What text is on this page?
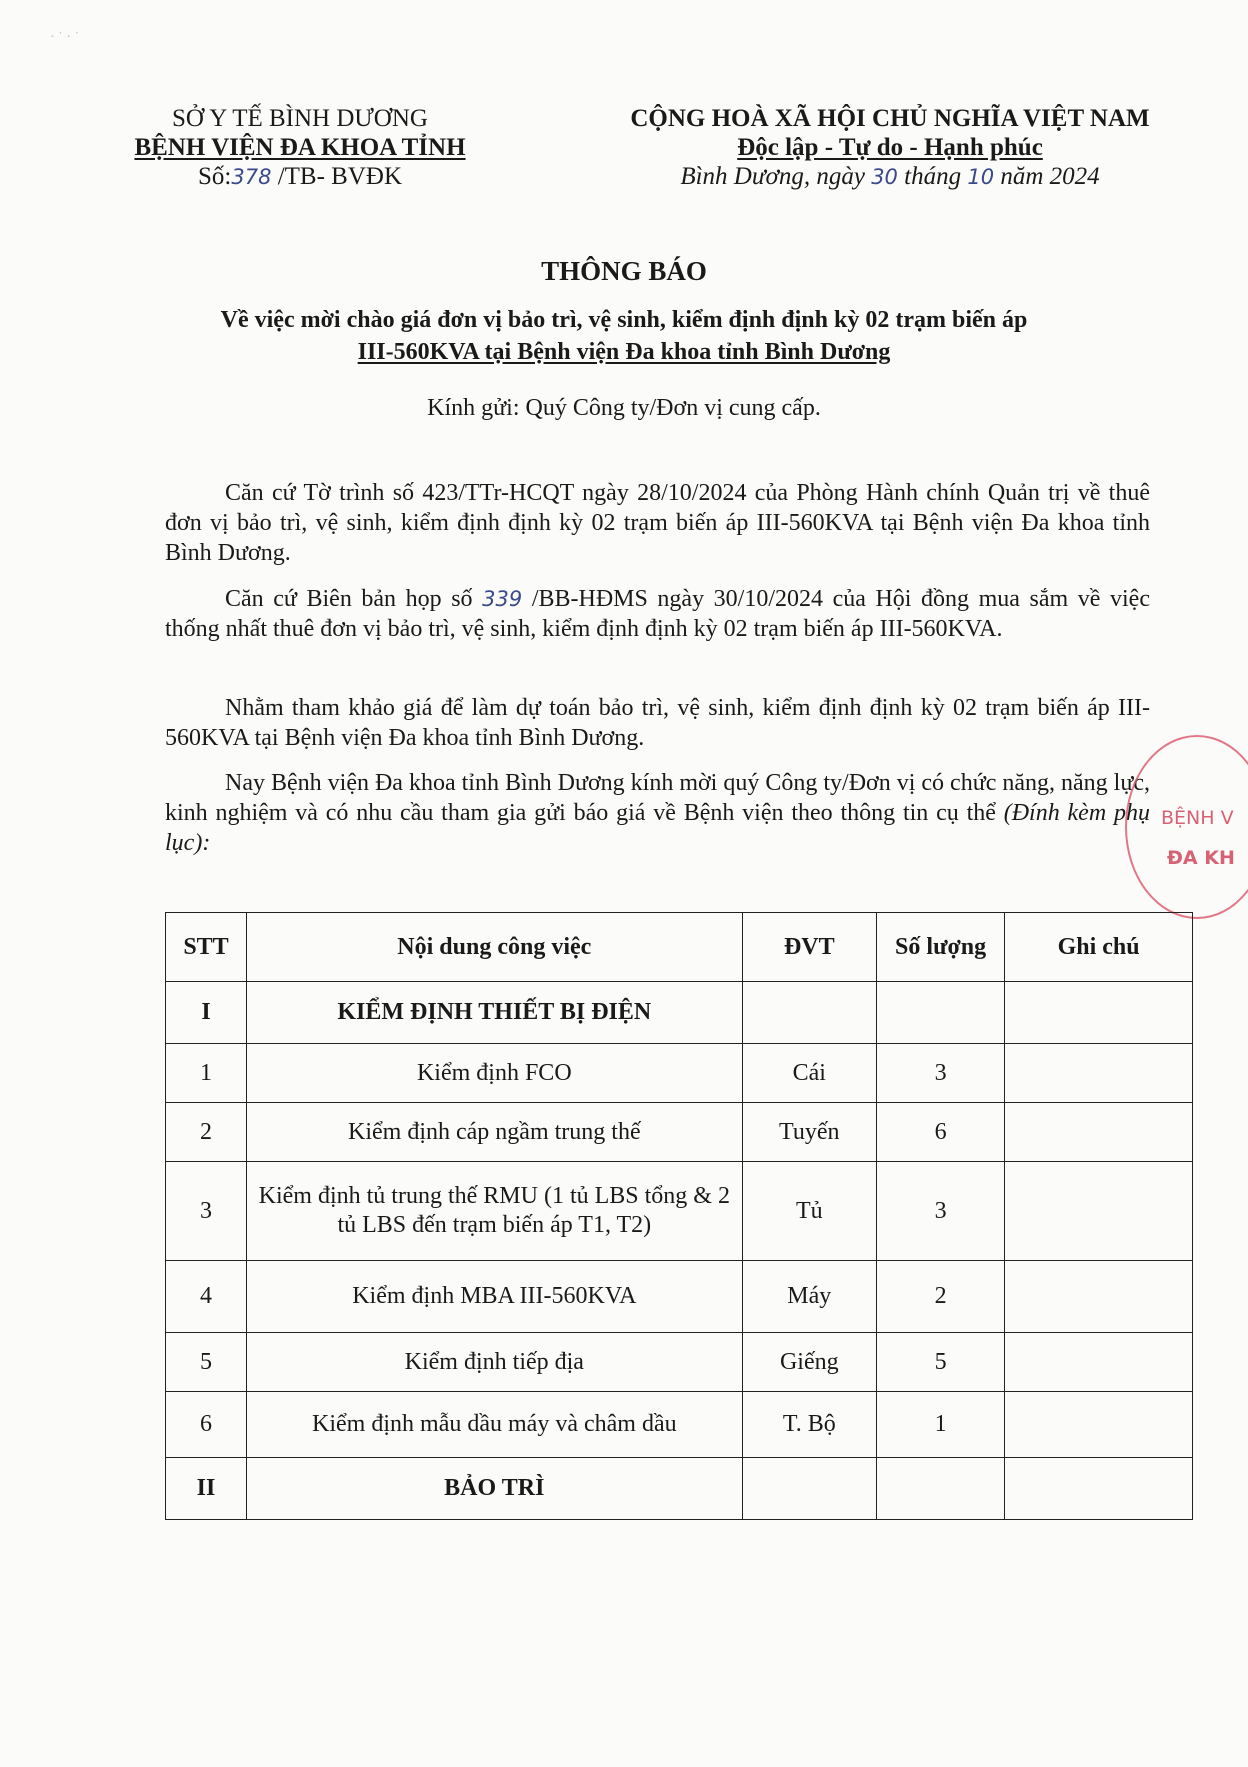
· ˙ · ˙
SỞ Y TẾ BÌNH DƯƠNG
BỆNH VIỆN ĐA KHOA TỈNH
Số:378 /TB- BVĐK
CỘNG HOÀ XÃ HỘI CHỦ NGHĨA VIỆT NAM
Độc lập - Tự do - Hạnh phúc
Bình Dương, ngày 30 tháng 10 năm 2024
THÔNG BÁO
Về việc mời chào giá đơn vị bảo trì, vệ sinh, kiểm định định kỳ 02 trạm biến áp
III-560KVA tại Bệnh viện Đa khoa tỉnh Bình Dương
Kính gửi: Quý Công ty/Đơn vị cung cấp.
Căn cứ Tờ trình số 423/TTr-HCQT ngày 28/10/2024 của Phòng Hành chính Quản trị về thuê đơn vị bảo trì, vệ sinh, kiểm định định kỳ 02 trạm biến áp III-560KVA tại Bệnh viện Đa khoa tỉnh Bình Dương.
Căn cứ Biên bản họp số 339 /BB-HĐMS ngày 30/10/2024 của Hội đồng mua sắm về việc thống nhất thuê đơn vị bảo trì, vệ sinh, kiểm định định kỳ 02 trạm biến áp III-560KVA.
Nhằm tham khảo giá để làm dự toán bảo trì, vệ sinh, kiểm định định kỳ 02 trạm biến áp III-560KVA tại Bệnh viện Đa khoa tỉnh Bình Dương.
Nay Bệnh viện Đa khoa tỉnh Bình Dương kính mời quý Công ty/Đơn vị có chức năng, năng lực, kinh nghiệm và có nhu cầu tham gia gửi báo giá về Bệnh viện theo thông tin cụ thể (Đính kèm phụ lục):
BỆNH V
ĐA KH
STT	Nội dung công việc	ĐVT	Số lượng	Ghi chú
I	KIỂM ĐỊNH THIẾT BỊ ĐIỆN			
1	Kiểm định FCO	Cái	3	
2	Kiểm định cáp ngầm trung thế	Tuyến	6	
3	Kiểm định tủ trung thế RMU (1 tủ LBS tổng & 2 tủ LBS đến trạm biến áp T1, T2)	Tủ	3	
4	Kiểm định MBA III-560KVA	Máy	2	
5	Kiểm định tiếp địa	Giếng	5	
6	Kiểm định mẫu dầu máy và châm dầu	T. Bộ	1	
II	BẢO TRÌ			
